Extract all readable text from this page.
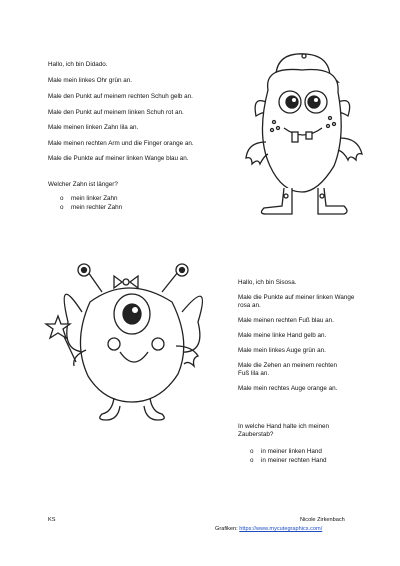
Hallo, ich bin Didado.
Male mein linkes Ohr grün an.
Male den Punkt auf meinem rechten Schuh gelb an.
Male den Punkt auf meinem linken Schuh rot an.
Male meinen linken Zahn lila an.
Male meinen rechten Arm und die Finger orange an.
Male die Punkte auf meiner linken Wange blau an.
Welcher Zahn ist länger?
o mein linker Zahn
o mein rechter Zahn
Hallo, ich bin Sisosa.
Male die Punkte auf meiner linken Wange rosa an.
Male meinen rechten Fuß blau an.
Male meine linke Hand gelb an.
Male mein linkes Auge grün an.
Male die Zehen an meinem rechten Fuß lila an.
Male mein rechtes Auge orange an.
In welche Hand halte ich meinen Zauberstab?
o in meiner linken Hand
o in meiner rechten Hand
KS	Nicole Zirkenbach
Grafiken: https://www.mycutegraphics.com/
